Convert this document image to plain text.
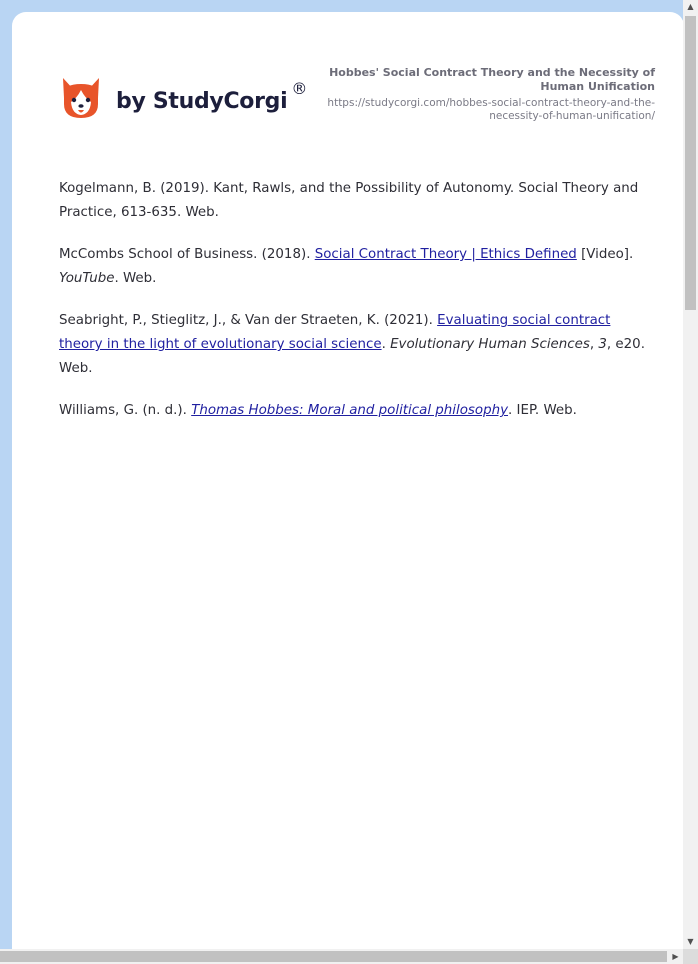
by StudyCorgi®
Hobbes' Social Contract Theory and the Necessity of Human Unification
https://studycorgi.com/hobbes-social-contract-theory-and-the-necessity-of-human-unification/

Kogelmann, B. (2019). Kant, Rawls, and the Possibility of Autonomy. Social Theory and Practice, 613-635. Web.

McCombs School of Business. (2018). Social Contract Theory | Ethics Defined [Video]. YouTube. Web.

Seabright, P., Stieglitz, J., & Van der Straeten, K. (2021). Evaluating social contract theory in the light of evolutionary social science. Evolutionary Human Sciences, 3, e20. Web.

Williams, G. (n. d.). Thomas Hobbes: Moral and political philosophy. IEP. Web.

▲
▼
▶
